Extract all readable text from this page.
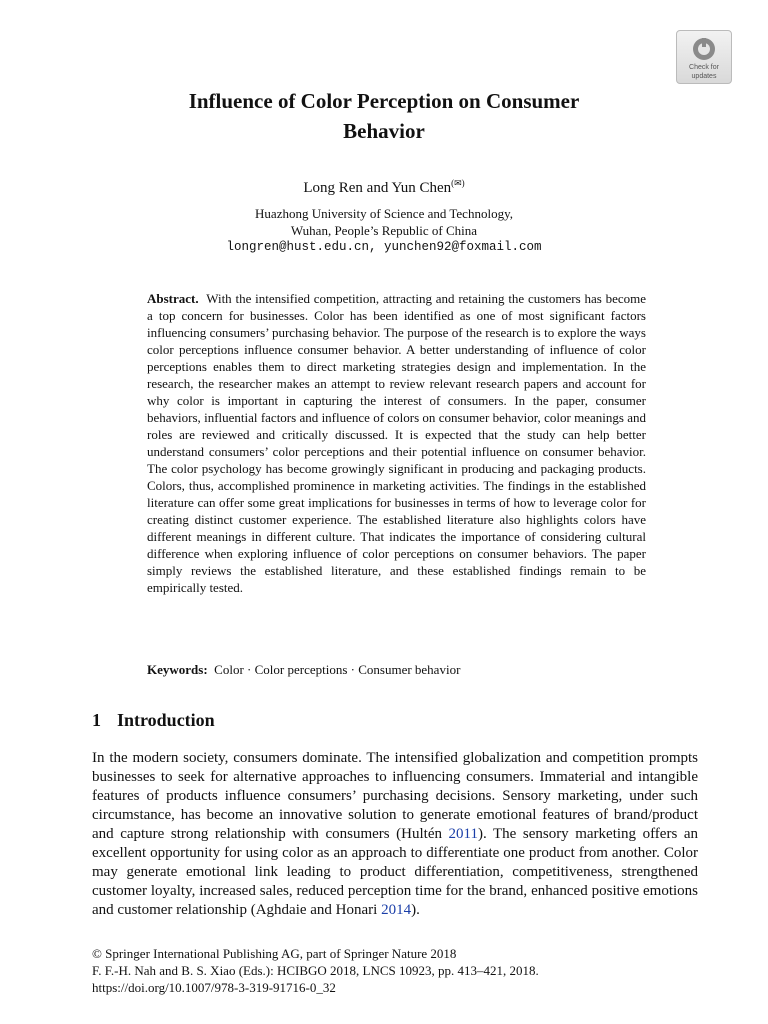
Check for
updates
Influence of Color Perception on Consumer
Behavior
Long Ren and Yun Chen(✉)
Huazhong University of Science and Technology,
Wuhan, People’s Republic of China
longren@hust.edu.cn, yunchen92@foxmail.com

Abstract. With the intensified competition, attracting and retaining the customers has become a top concern for businesses. Color has been identified as one of most significant factors influencing consumers’ purchasing behavior. The purpose of the research is to explore the ways color perceptions influence consumer behavior. A better understanding of influence of color perceptions enables them to direct marketing strategies design and implementation. In the research, the researcher makes an attempt to review relevant research papers and account for why color is important in capturing the interest of consumers. In the paper, consumer behaviors, influential factors and influence of colors on consumer behavior, color meanings and roles are reviewed and critically discussed. It is expected that the study can help better understand consumers’ color perceptions and their potential influence on consumer behavior. The color psychology has become growingly significant in producing and packaging products. Colors, thus, accomplished prominence in marketing activities. The findings in the established literature can offer some great implications for businesses in terms of how to leverage color for creating distinct customer experience. The established literature also highlights colors have different meanings in different culture. That indicates the importance of considering cultural difference when exploring influence of color perceptions on consumer behaviors. The paper simply reviews the established literature, and these established findings remain to be empirically tested.

Keywords: Color · Color perceptions · Consumer behavior

1 Introduction

In the modern society, consumers dominate. The intensified globalization and competition prompts businesses to seek for alternative approaches to influencing consumers. Immaterial and intangible features of products influence consumers’ purchasing decisions. Sensory marketing, under such circumstance, has become an innovative solution to generate emotional features of brand/product and capture strong relationship with consumers (Hultén 2011). The sensory marketing offers an excellent opportunity for using color as an approach to differentiate one product from another. Color may generate emotional link leading to product differentiation, competitiveness, strengthened customer loyalty, increased sales, reduced perception time for the brand, enhanced positive emotions and customer relationship (Aghdaie and Honari 2014).

© Springer International Publishing AG, part of Springer Nature 2018
F. F.-H. Nah and B. S. Xiao (Eds.): HCIBGO 2018, LNCS 10923, pp. 413–421, 2018.
https://doi.org/10.1007/978-3-319-91716-0_32
